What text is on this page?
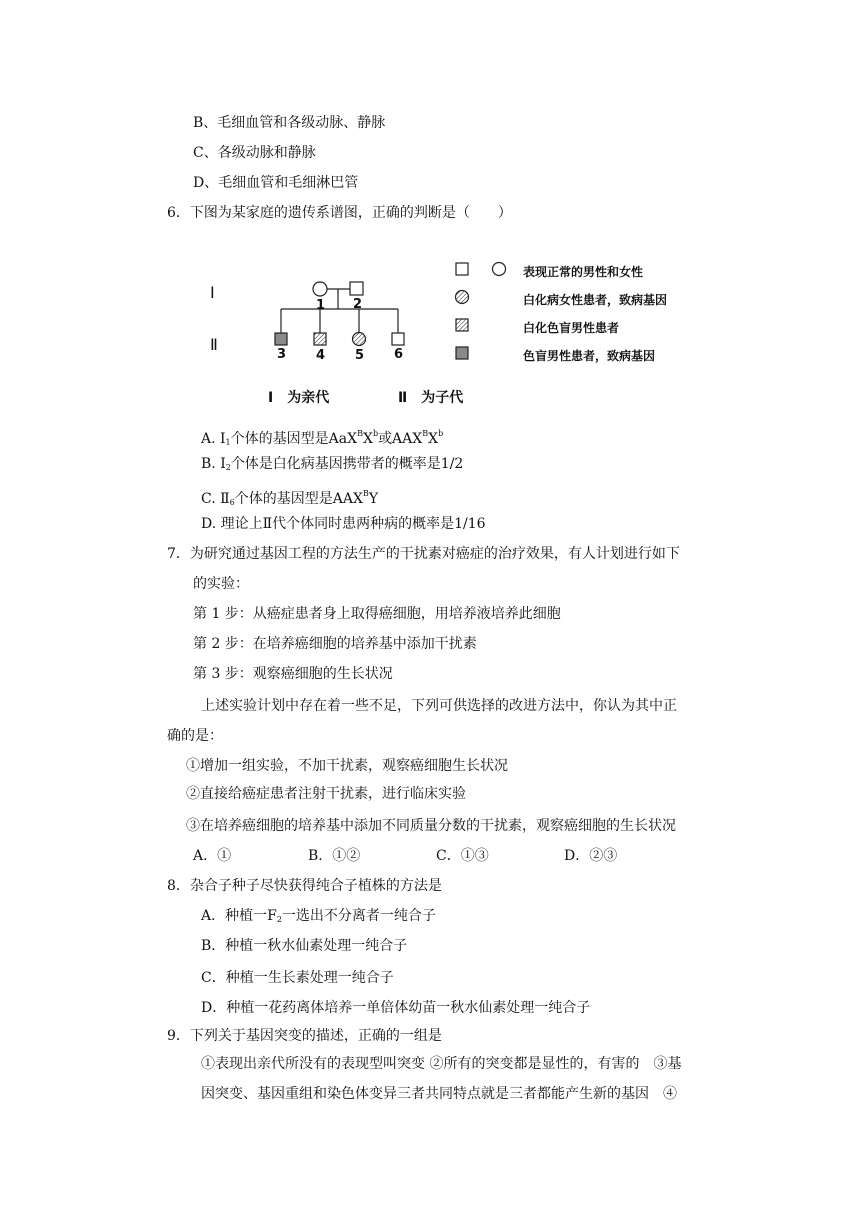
B、毛细血管和各级动脉、静脉
C、各级动脉和静脉
D、毛细血管和毛细淋巴管
6．下图为某家庭的遗传系谱图，正确的判断是（　　）
Ⅰ
Ⅱ
1 2
3 4 5 6
表现正常的男性和女性
白化病女性患者，致病基因
白化色盲男性患者
色盲男性患者，致病基因
Ⅰ　为亲代	Ⅱ　为子代
A. $Ⅰ_1$个体的基因型是$AaX^BX^b$或$AAX^BX^b$
B. $Ⅰ_2$个体是白化病基因携带者的概率是1/2
C. $Ⅱ_6$个体的基因型是$AAX^BY$
D. 理论上Ⅱ代个体同时患两种病的概率是1/16
7．为研究通过基因工程的方法生产的干扰素对癌症的治疗效果，有人计划进行如下
的实验：
第 1 步：从癌症患者身上取得癌细胞，用培养液培养此细胞
第 2 步：在培养癌细胞的培养基中添加干扰素
第 3 步：观察癌细胞的生长状况
上述实验计划中存在着一些不足，下列可供选择的改进方法中，你认为其中正
确的是：
①增加一组实验，不加干扰素，观察癌细胞生长状况
②直接给癌症患者注射干扰素，进行临床实验
③在培养癌细胞的培养基中添加不同质量分数的干扰素，观察癌细胞的生长状况
A．①	B．①②	C．①③	D．②③
8．杂合子种子尽快获得纯合子植株的方法是
A．种植一$F_2$一选出不分离者一纯合子
B．种植一秋水仙素处理一纯合子
C．种植一生长素处理一纯合子
D．种植一花药离体培养一单倍体幼苗一秋水仙素处理一纯合子
9．下列关于基因突变的描述，正确的一组是
①表现出亲代所没有的表现型叫突变 ②所有的突变都是显性的，有害的　③基
因突变、基因重组和染色体变异三者共同特点就是三者都能产生新的基因　④
